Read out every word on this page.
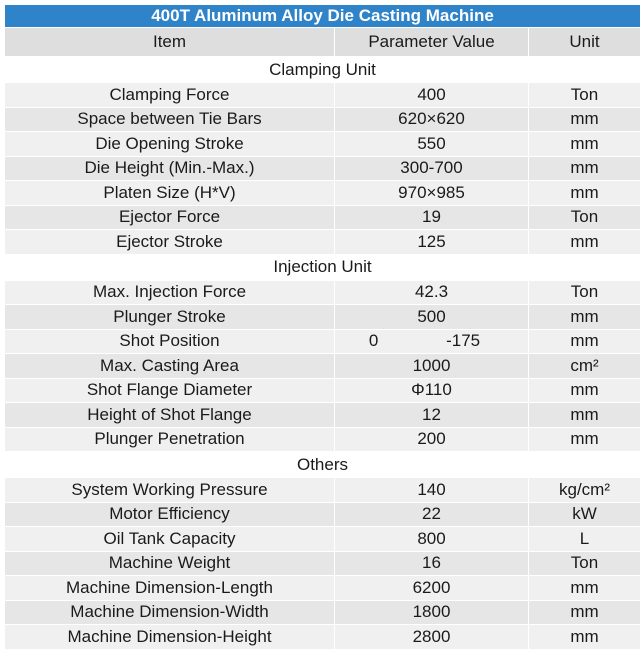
400T Aluminum Alloy Die Casting Machine		
Item	Parameter Value	Unit
Clamping Unit		
Clamping Force	400	Ton
Space between Tie Bars	620×620	mm
Die Opening Stroke	550	mm
Die Height (Min.-Max.)	300-700	mm
Platen Size (H*V)	970×985	mm
Ejector Force	19	Ton
Ejector Stroke	125	mm
Injection Unit		
Max. Injection Force	42.3	Ton
Plunger Stroke	500	mm
Shot Position	0 -175	mm
Max. Casting Area	1000	cm²
Shot Flange Diameter	Φ110	mm
Height of Shot Flange	12	mm
Plunger Penetration	200	mm
Others		
System Working Pressure	140	kg/cm²
Motor Efficiency	22	kW
Oil Tank Capacity	800	L
Machine Weight	16	Ton
Machine Dimension-Length	6200	mm
Machine Dimension-Width	1800	mm
Machine Dimension-Height	2800	mm
